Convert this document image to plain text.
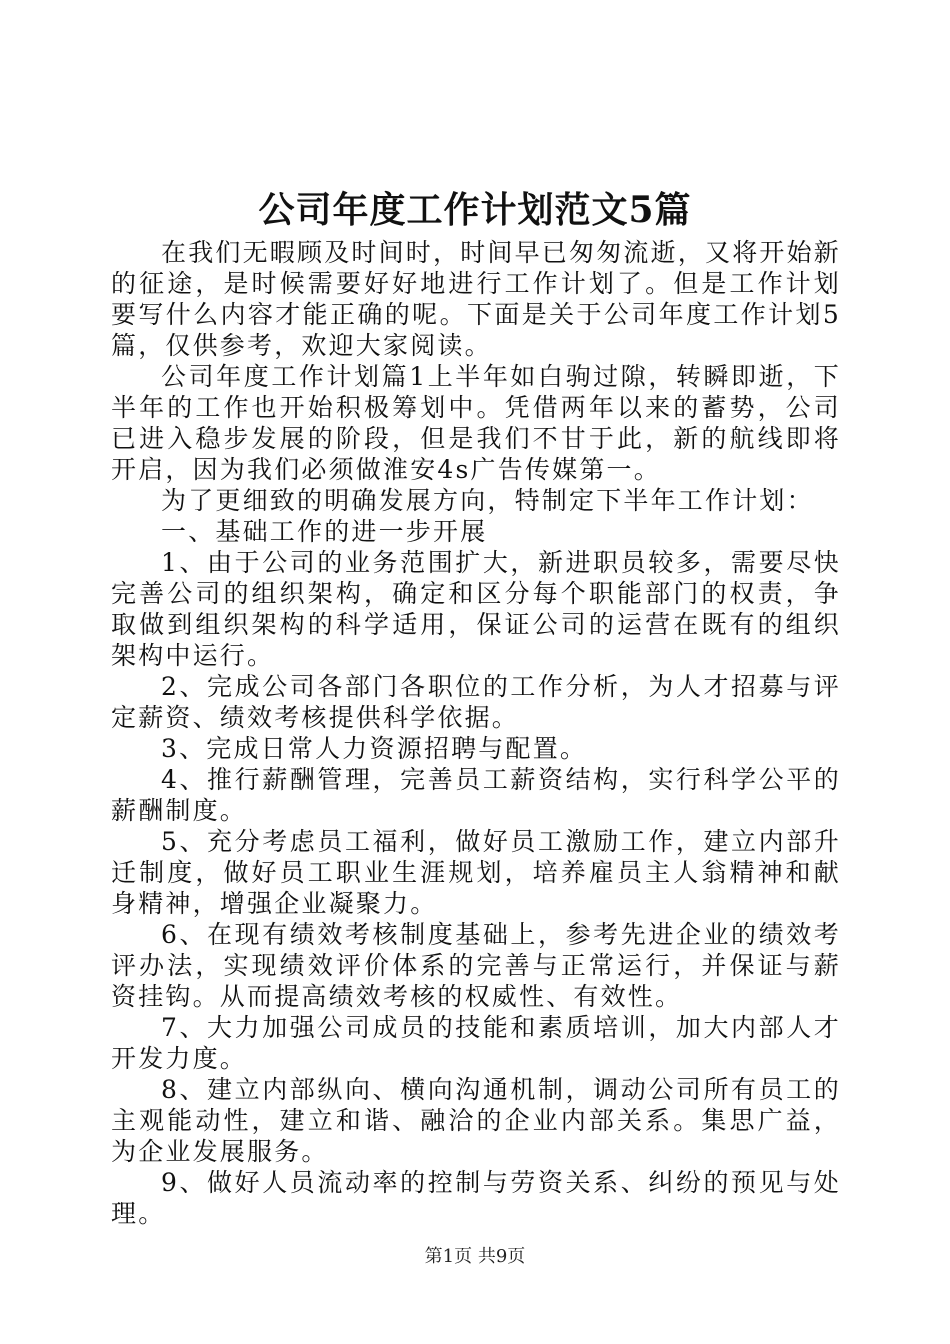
公司年度工作计划范文5篇

在我们无暇顾及时间时，时间早已匆匆流逝，又将开始新的征途，是时候需要好好地进行工作计划了。但是工作计划要写什么内容才能正确的呢。下面是关于公司年度工作计划5篇，仅供参考，欢迎大家阅读。

公司年度工作计划篇1上半年如白驹过隙，转瞬即逝，下半年的工作也开始积极筹划中。凭借两年以来的蓄势，公司已进入稳步发展的阶段，但是我们不甘于此，新的航线即将开启，因为我们必须做淮安4s广告传媒第一。

为了更细致的明确发展方向，特制定下半年工作计划：

一、基础工作的进一步开展

1、由于公司的业务范围扩大，新进职员较多，需要尽快完善公司的组织架构，确定和区分每个职能部门的权责，争取做到组织架构的科学适用，保证公司的运营在既有的组织架构中运行。

2、完成公司各部门各职位的工作分析，为人才招募与评定薪资、绩效考核提供科学依据。

3、完成日常人力资源招聘与配置。

4、推行薪酬管理，完善员工薪资结构，实行科学公平的薪酬制度。

5、充分考虑员工福利，做好员工激励工作，建立内部升迁制度，做好员工职业生涯规划，培养雇员主人翁精神和献身精神，增强企业凝聚力。

6、在现有绩效考核制度基础上，参考先进企业的绩效考评办法，实现绩效评价体系的完善与正常运行，并保证与薪资挂钩。从而提高绩效考核的权威性、有效性。

7、大力加强公司成员的技能和素质培训，加大内部人才开发力度。

8、建立内部纵向、横向沟通机制，调动公司所有员工的主观能动性，建立和谐、融洽的企业内部关系。集思广益，为企业发展服务。

9、做好人员流动率的控制与劳资关系、纠纷的预见与处理。

第1页 共9页
